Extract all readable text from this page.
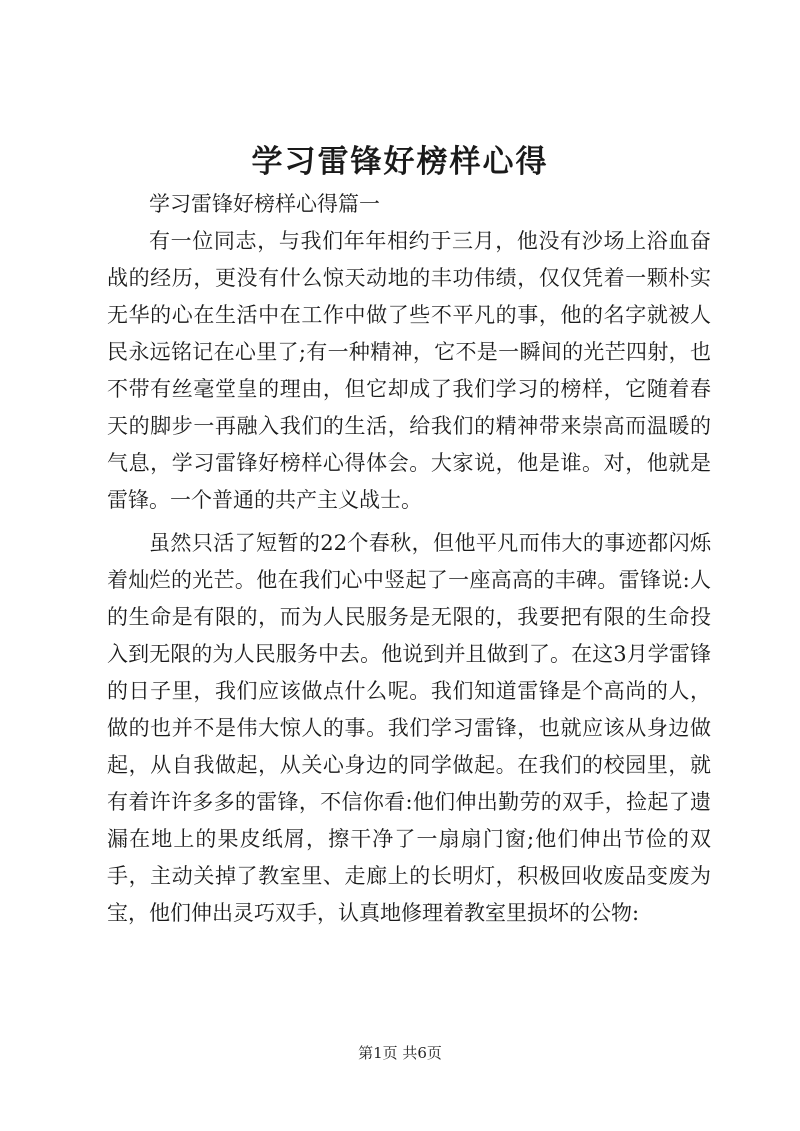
学习雷锋好榜样心得

学习雷锋好榜样心得篇一

有一位同志，与我们年年相约于三月，他没有沙场上浴血奋战的经历，更没有什么惊天动地的丰功伟绩，仅仅凭着一颗朴实无华的心在生活中在工作中做了些不平凡的事，他的名字就被人民永远铭记在心里了;有一种精神，它不是一瞬间的光芒四射，也不带有丝毫堂皇的理由，但它却成了我们学习的榜样，它随着春天的脚步一再融入我们的生活，给我们的精神带来崇高而温暖的气息，学习雷锋好榜样心得体会。大家说，他是谁。对，他就是雷锋。一个普通的共产主义战士。

虽然只活了短暂的22个春秋，但他平凡而伟大的事迹都闪烁着灿烂的光芒。他在我们心中竖起了一座高高的丰碑。雷锋说:人的生命是有限的，而为人民服务是无限的，我要把有限的生命投入到无限的为人民服务中去。他说到并且做到了。在这3月学雷锋的日子里，我们应该做点什么呢。我们知道雷锋是个高尚的人，做的也并不是伟大惊人的事。我们学习雷锋，也就应该从身边做起，从自我做起，从关心身边的同学做起。在我们的校园里，就有着许许多多的雷锋，不信你看:他们伸出勤劳的双手，捡起了遗漏在地上的果皮纸屑，擦干净了一扇扇门窗;他们伸出节俭的双手，主动关掉了教室里、走廊上的长明灯，积极回收废品变废为宝，他们伸出灵巧双手，认真地修理着教室里损坏的公物:

第1页 共6页
